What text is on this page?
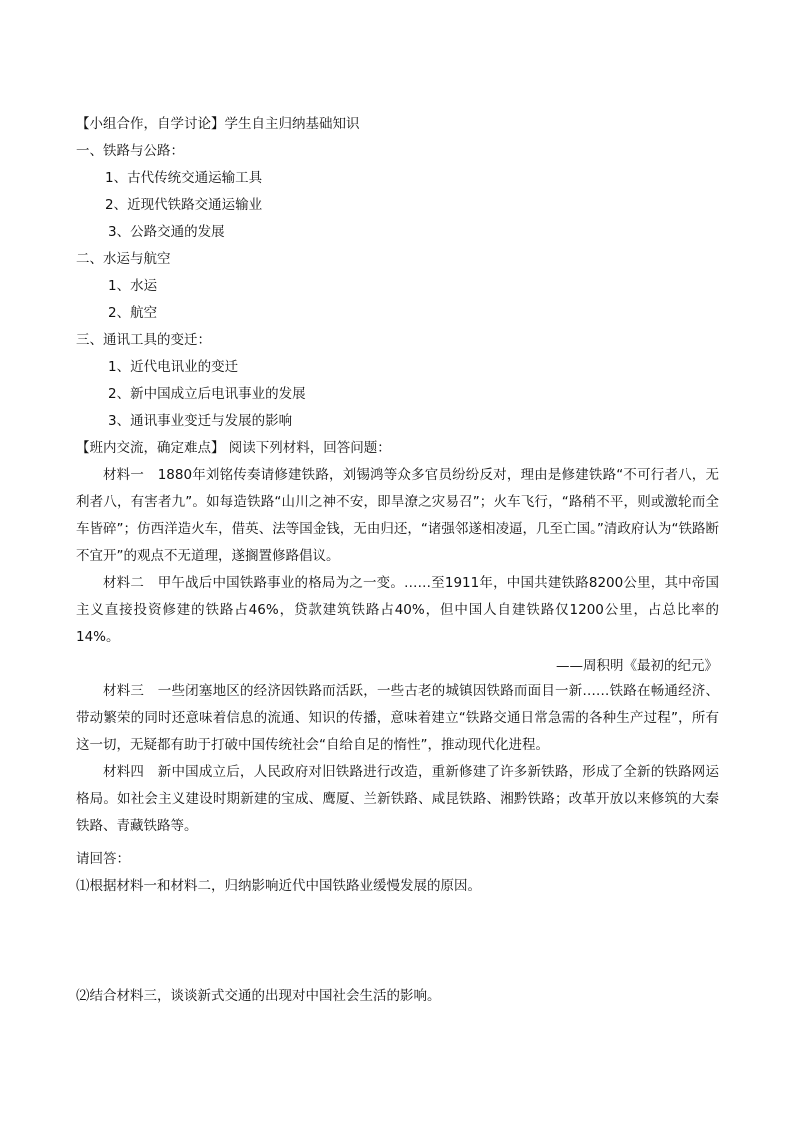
【小组合作，自学讨论】学生自主归纳基础知识
一、铁路与公路：
1、古代传统交通运输工具
2、近现代铁路交通运输业
3、公路交通的发展
二、水运与航空
1、水运
2、航空
三、通讯工具的变迁：
1、近代电讯业的变迁
2、新中国成立后电讯事业的发展
3、通讯事业变迁与发展的影响
【班内交流，确定难点】 阅读下列材料，回答问题：
材料一　1880年刘铭传奏请修建铁路，刘锡鸿等众多官员纷纷反对，理由是修建铁路“不可行者八，无利者八，有害者九”。如每造铁路“山川之神不安，即旱潦之灾易召”；火车飞行，“路稍不平，则或激轮而全车皆碎”；仿西洋造火车，借英、法等国金钱，无由归还，“诸强邻遂相凌逼，几至亡国。”清政府认为“铁路断不宜开”的观点不无道理，遂搁置修路倡议。
材料二　甲午战后中国铁路事业的格局为之一变。……至1911年，中国共建铁路8200公里，其中帝国主义直接投资修建的铁路占46%，贷款建筑铁路占40%，但中国人自建铁路仅1200公里，占总比率的14%。
——周积明《最初的纪元》
材料三　一些闭塞地区的经济因铁路而活跃，一些古老的城镇因铁路而面目一新……铁路在畅通经济、带动繁荣的同时还意味着信息的流通、知识的传播，意味着建立“铁路交通日常急需的各种生产过程”，所有这一切，无疑都有助于打破中国传统社会“自给自足的惰性”，推动现代化进程。
材料四　新中国成立后，人民政府对旧铁路进行改造，重新修建了许多新铁路，形成了全新的铁路网运格局。如社会主义建设时期新建的宝成、鹰厦、兰新铁路、咸昆铁路、湘黔铁路；改革开放以来修筑的大秦铁路、青藏铁路等。
请回答：
⑴根据材料一和材料二，归纳影响近代中国铁路业缓慢发展的原因。
⑵结合材料三，谈谈新式交通的出现对中国社会生活的影响。
